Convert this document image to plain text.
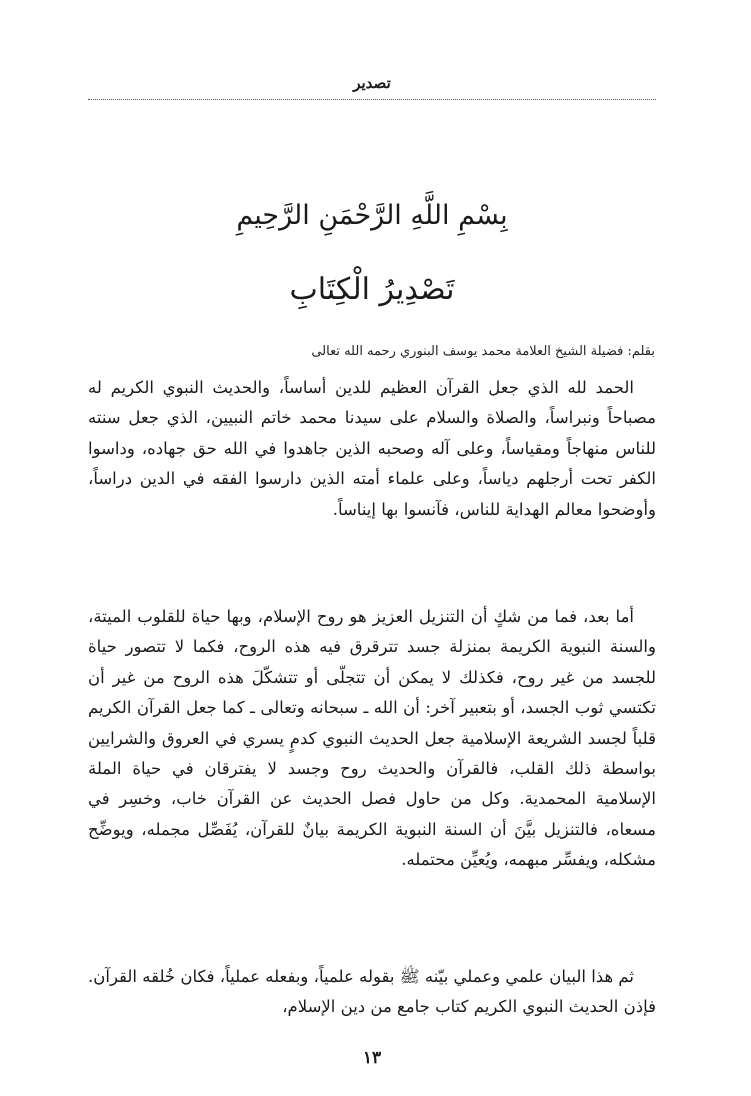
تصدير
بِسْمِ اللَّهِ الرَّحْمَنِ الرَّحِيمِ
تَصْدِيرُ الْكِتَابِ
بقلم: فضيلة الشيخ العلامة محمد يوسف البنوري رحمه الله تعالى

الحمد لله الذي جعل القرآن العظيم للدين أساساً، والحديث النبوي الكريم له مصباحاً ونبراساً، والصلاة والسلام على سيدنا محمد خاتم النبيين، الذي جعل سنته للناس منهاجاً ومقياساً، وعلى آله وصحبه الذين جاهدوا في الله حق جهاده، وداسوا الكفر تحت أرجلهم دياساً، وعلى علماء أمته الذين دارسوا الفقه في الدين دراساً، وأوضحوا معالم الهداية للناس، فآنسوا بها إيناساً.

أما بعد، فما من شكٍ أن التنزيل العزيز هو روح الإسلام، وبها حياة للقلوب الميتة، والسنة النبوية الكريمة بمنزلة جسد تترقرق فيه هذه الروح، فكما لا تتصور حياة للجسد من غير روح، فكذلك لا يمكن أن تتجلّى أو تتشكّلَ هذه الروح من غير أن تكتسي ثوب الجسد، أو بتعبير آخر: أن الله ـ سبحانه وتعالى ـ كما جعل القرآن الكريم قلباً لجسد الشريعة الإسلامية جعل الحديث النبوي كدمٍ يسري في العروق والشرايين بواسطة ذلك القلب، فالقرآن والحديث روح وجسد لا يفترقان في حياة الملة الإسلامية المحمدية. وكل من حاول فصل الحديث عن القرآن خاب، وخسِر في مسعاه، فالتنزيل بيَّنَ أن السنة النبوية الكريمة بيانٌ للقرآن، يُفَصِّل مجمله، ويوضِّح مشكله، ويفسِّر مبهمه، ويُعيِّن محتمله.

ثم هذا البيان علمي وعملي بيّنه ﷺ بقوله علمياً، وبفعله عملياً، فكان خُلقه القرآن. فإذن الحديث النبوي الكريم كتاب جامع من دين الإسلام،

١٣
